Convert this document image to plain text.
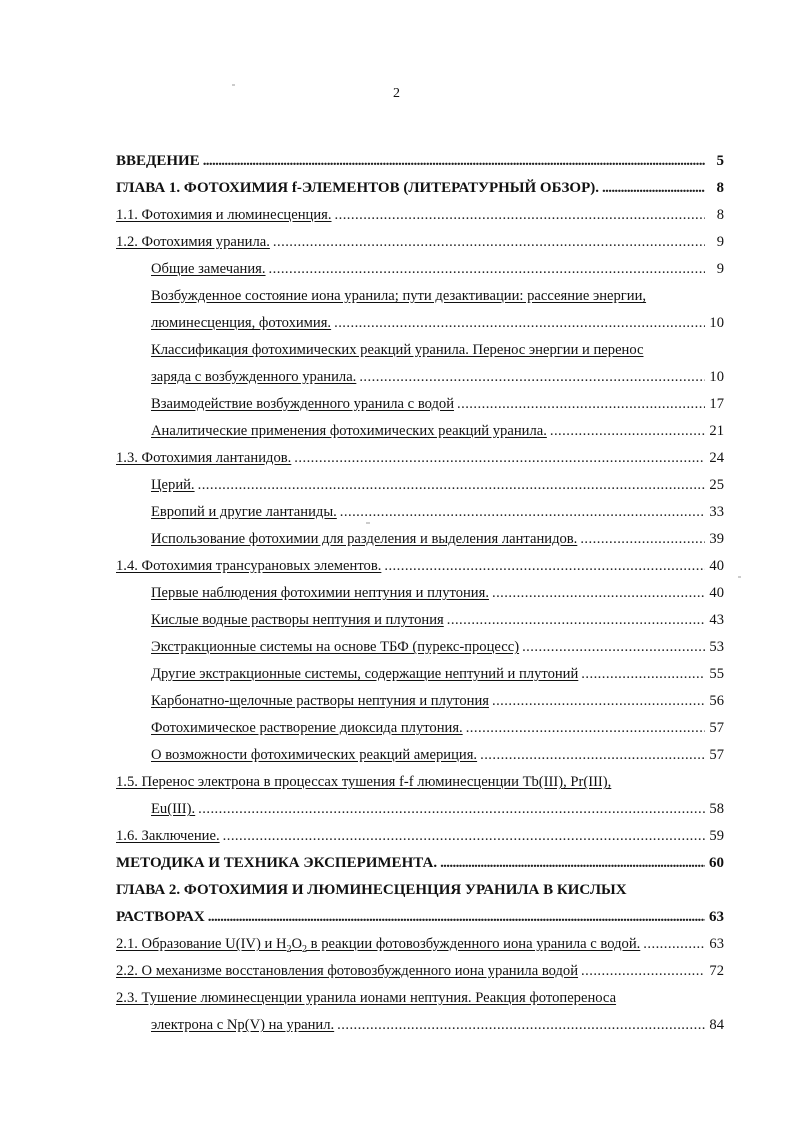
2
ВВЕДЕНИЕ . . .	5
ГЛАВА 1. ФОТОХИМИЯ f-ЭЛЕМЕНТОВ (ЛИТЕРАТУРНЫЙ ОБЗОР). . . .	8
1.1. Фотохимия и люминесценция. . . .	8
1.2. Фотохимия уранила. . . .	9
Общие замечания. . . .	9
Возбужденное состояние иона уранила; пути дезактивации: рассеяние энергии,
люминесценция, фотохимия. . . .	10
Классификация фотохимических реакций уранила. Перенос энергии и перенос
заряда с возбужденного уранила. . . .	10
Взаимодействие возбужденного уранила с водой . . .	17
Аналитические применения фотохимических реакций уранила. . . .	21
1.3. Фотохимия лантанидов. . . .	24
Церий. . . .	25
Европий и другие лантаниды. . . .	33
Использование фотохимии для разделения и выделения лантанидов. . . .	39
1.4. Фотохимия трансурановых элементов. . . .	40
Первые наблюдения фотохимии нептуния и плутония. . . .	40
Кислые водные растворы нептуния и плутония . . .	43
Экстракционные системы на основе ТБФ (пурекс-процесс) . . .	53
Другие экстракционные системы, содержащие нептуний и плутоний . . .	55
Карбонатно-щелочные растворы нептуния и плутония . . .	56
Фотохимическое растворение диоксида плутония. . . .	57
О возможности фотохимических реакций америция. . . .	57
1.5. Перенос электрона в процессах тушения f-f люминесценции Tb(III), Pr(III),
Eu(III). . . .	58
1.6. Заключение. . . .	59
МЕТОДИКА И ТЕХНИКА ЭКСПЕРИМЕНТА. . . .	60
ГЛАВА 2. ФОТОХИМИЯ И ЛЮМИНЕСЦЕНЦИЯ УРАНИЛА В КИСЛЫХ
РАСТВОРАХ . . .	63
2.1. Образование U(IV) и $H_2O_2$ в реакции фотовозбужденного иона уранила с водой. . . .	63
2.2. О механизме восстановления фотовозбужденного иона уранила водой . . .	72
2.3. Тушение люминесценции уранила ионами нептуния. Реакция фотопереноса
электрона с Np(V) на уранил. . . .	84
